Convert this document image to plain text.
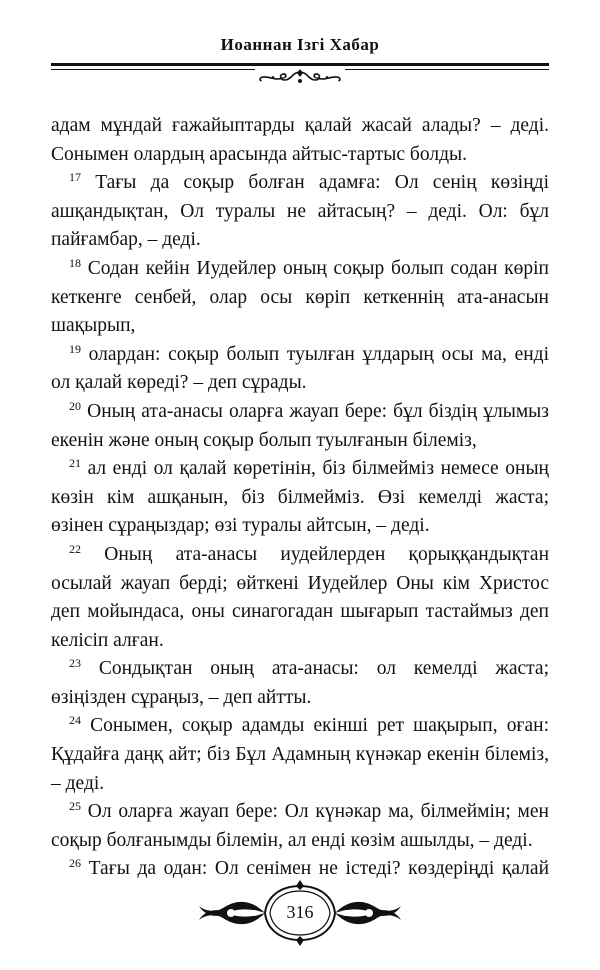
Иоаннан Ізгі Хабар
адам мұндай ғажайыптарды қалай жасай алады? – деді.
Сонымен олардың арасында айтыс-тартыс болды.
$^{17}$ Тағы да соқыр болған адамға: Ол сенің көзіңді
ашқандықтан, Ол туралы не айтасың? – деді. Ол: бұл
пайғамбар, – деді.
$^{18}$ Содан кейін Иудейлер оның соқыр болып содан көріп
кеткенге сенбей, олар осы көріп кеткеннің ата-анасын
шақырып,
$^{19}$ олардан: соқыр болып туылған ұлдарың осы ма, енді
ол қалай көреді? – деп сұрады.
$^{20}$ Оның ата-анасы оларға жауап бере: бұл біздің ұлымыз
екенін және оның соқыр болып туылғанын білеміз,
$^{21}$ ал енді ол қалай көретінін, біз білмейміз немесе оның
көзін кім ашқанын, біз білмейміз. Өзі кемелді жаста;
өзінен сұраңыздар; өзі туралы айтсын, – деді.
$^{22}$ Оның ата-анасы иудейлерден қорыққандықтан
осылай жауап берді; өйткені Иудейлер Оны кім Христос
деп мойындаса, оны синагогадан шығарып тастаймыз деп
келісіп алған.
$^{23}$ Сондықтан оның ата-анасы: ол кемелді жаста;
өзіңізден сұраңыз, – деп айтты.
$^{24}$ Сонымен, соқыр адамды екінші рет шақырып, оған:
Құдайға даңқ айт; біз Бұл Адамның күнәкар екенін білеміз,
– деді.
$^{25}$ Ол оларға жауап бере: Ол күнәкар ма, білмеймін; мен
соқыр болғанымды білемін, ал енді көзім ашылды, – деді.
$^{26}$ Тағы да одан: Ол сенімен не істеді? көздеріңді қалай
316
